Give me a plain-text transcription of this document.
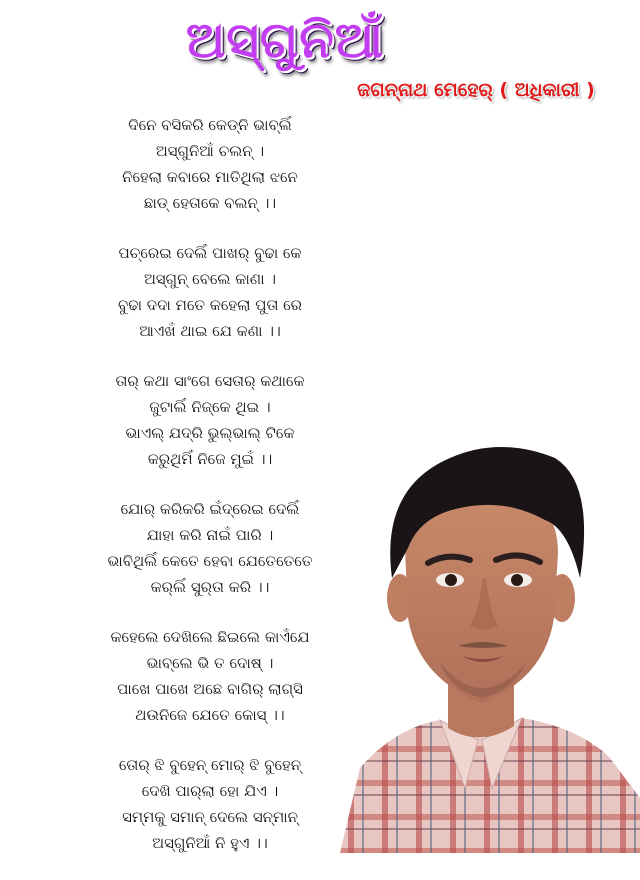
ଅସ୍ଗୁନିଆଁ
ଜଗନ୍ନାଥ ମେହେର୍ ( ଅଧିକାରୀ )
ଦିନେ ବସିକରି କେଡ୍‌ନି ଭାବ୍‌ଲିଁ
ଅସ୍‌ଗୁନିଆଁ ଚଲନ୍ ।
ନିହେଲା କବାରେ ମାତିଥିଲା ଝନେ
ଛାଡ୍ ହେତାକେ ବଲନ୍ ।।
ପଚ୍‌ରେଇ ଦେଲିଁ ପାଖର୍ ବୁଢା କେ
ଅସ୍‌ଗୁନ୍ ବେଲେ କାଣା ।
ବୁଢା ଦଦା ମତେ କହେଲା ପୁତା ରେ
ଆଏଖଁ ଥାଇ ଯେ କଣା ।।
ତାର୍ କଥା ସାଂଗେ ସେତାର୍ କଥାକେ
ଜୁଟାଲିଁ ନିଜ୍‌କେ ଥିଇ ।
ଭାଏଲ୍ ଯଦ୍‌ରି ଭୁଲ୍‌ଭାଲ୍ ଟିକେ
କରୁଥିମିଁ ନିଜେ ମୁଇଁ ।।
ଯୋର୍ କରିକରି ଇଁଦ୍‌ରେଇ ଦେଲିଁ
ଯାହା କରି ନାଇଁ ପାରି ।
ଭାବିଥିଲିଁ କେତେ ହେବା ଯେତେତେତେ
କର୍‌ଲିଁ ସୁର୍‌ତା କରି ।।
କହେଲେ ଦେଖିଲେ ଛିଇଲେ କାଏଁଯେ
ଭାବ୍‌ଲେ ଭି ତ ଦୋଷ୍ ।
ପାଖେ ପାଖେ ଅଛେ ବାଗିର୍ ଲାଗ୍‌ସି
ଥଉନିଜେ ଯେତେ କୋସ୍ ।।
ତୋର୍ ଝି ବୁହେନ୍ ମୋର୍ ଝି ବୁହେନ୍
ଦେଖି ପାର୍‌ଲା ହୋ ଯିଏ ।
ସମ୍ମକୁ ସମାନ୍ ଦେଲେ ସନ୍‌ମାନ୍
ଅସ୍‌ଗୁନିଆଁ ନି ହୁଏ ।।
